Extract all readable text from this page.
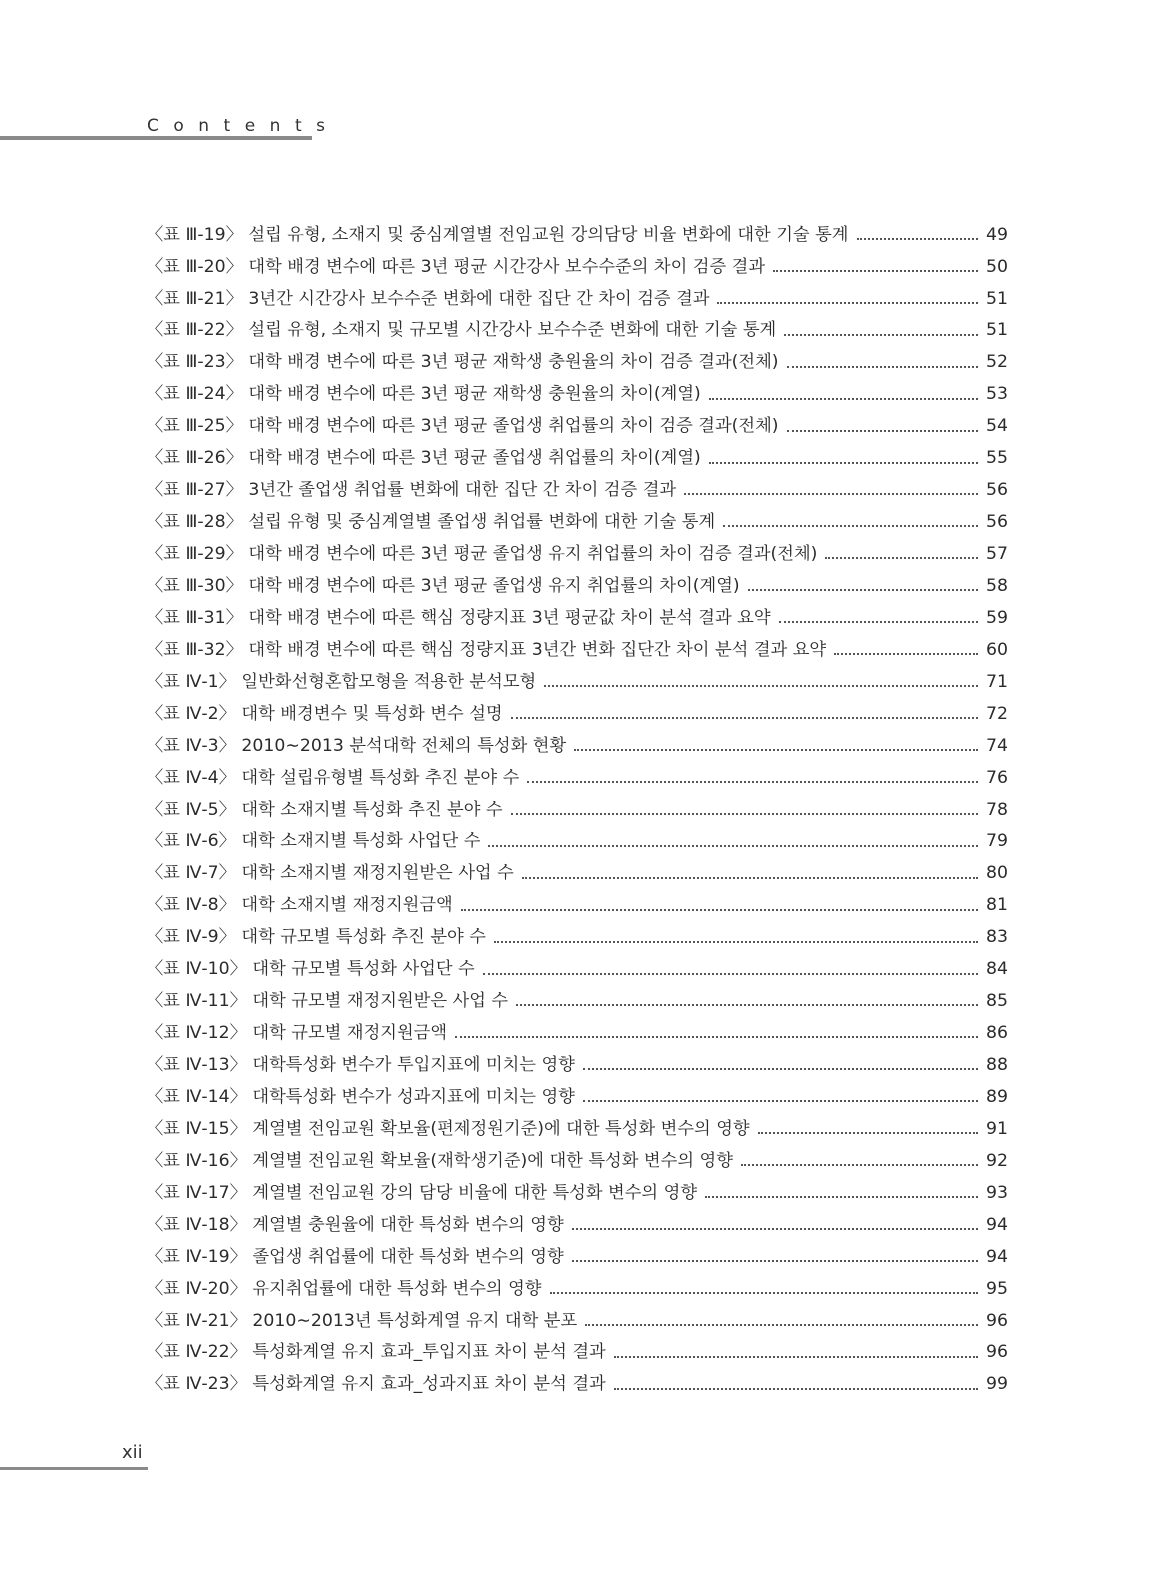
Contents
〈표 Ⅲ-19〉 설립 유형, 소재지 및 중심계열별 전임교원 강의담당 비율 변화에 대한 기술 통계	49
〈표 Ⅲ-20〉 대학 배경 변수에 따른 3년 평균 시간강사 보수수준의 차이 검증 결과	50
〈표 Ⅲ-21〉 3년간 시간강사 보수수준 변화에 대한 집단 간 차이 검증 결과	51
〈표 Ⅲ-22〉 설립 유형, 소재지 및 규모별 시간강사 보수수준 변화에 대한 기술 통계	51
〈표 Ⅲ-23〉 대학 배경 변수에 따른 3년 평균 재학생 충원율의 차이 검증 결과(전체)	52
〈표 Ⅲ-24〉 대학 배경 변수에 따른 3년 평균 재학생 충원율의 차이(계열)	53
〈표 Ⅲ-25〉 대학 배경 변수에 따른 3년 평균 졸업생 취업률의 차이 검증 결과(전체)	54
〈표 Ⅲ-26〉 대학 배경 변수에 따른 3년 평균 졸업생 취업률의 차이(계열)	55
〈표 Ⅲ-27〉 3년간 졸업생 취업률 변화에 대한 집단 간 차이 검증 결과	56
〈표 Ⅲ-28〉 설립 유형 및 중심계열별 졸업생 취업률 변화에 대한 기술 통계	56
〈표 Ⅲ-29〉 대학 배경 변수에 따른 3년 평균 졸업생 유지 취업률의 차이 검증 결과(전체)	57
〈표 Ⅲ-30〉 대학 배경 변수에 따른 3년 평균 졸업생 유지 취업률의 차이(계열)	58
〈표 Ⅲ-31〉 대학 배경 변수에 따른 핵심 정량지표 3년 평균값 차이 분석 결과 요약	59
〈표 Ⅲ-32〉 대학 배경 변수에 따른 핵심 정량지표 3년간 변화 집단간 차이 분석 결과 요약	60
〈표 Ⅳ-1〉 일반화선형혼합모형을 적용한 분석모형	71
〈표 Ⅳ-2〉 대학 배경변수 및 특성화 변수 설명	72
〈표 Ⅳ-3〉 2010∼2013 분석대학 전체의 특성화 현황	74
〈표 Ⅳ-4〉 대학 설립유형별 특성화 추진 분야 수	76
〈표 Ⅳ-5〉 대학 소재지별 특성화 추진 분야 수	78
〈표 Ⅳ-6〉 대학 소재지별 특성화 사업단 수	79
〈표 Ⅳ-7〉 대학 소재지별 재정지원받은 사업 수	80
〈표 Ⅳ-8〉 대학 소재지별 재정지원금액	81
〈표 Ⅳ-9〉 대학 규모별 특성화 추진 분야 수	83
〈표 Ⅳ-10〉 대학 규모별 특성화 사업단 수	84
〈표 Ⅳ-11〉 대학 규모별 재정지원받은 사업 수	85
〈표 Ⅳ-12〉 대학 규모별 재정지원금액	86
〈표 Ⅳ-13〉 대학특성화 변수가 투입지표에 미치는 영향	88
〈표 Ⅳ-14〉 대학특성화 변수가 성과지표에 미치는 영향	89
〈표 Ⅳ-15〉 계열별 전임교원 확보율(편제정원기준)에 대한 특성화 변수의 영향	91
〈표 Ⅳ-16〉 계열별 전임교원 확보율(재학생기준)에 대한 특성화 변수의 영향	92
〈표 Ⅳ-17〉 계열별 전임교원 강의 담당 비율에 대한 특성화 변수의 영향	93
〈표 Ⅳ-18〉 계열별 충원율에 대한 특성화 변수의 영향	94
〈표 Ⅳ-19〉 졸업생 취업률에 대한 특성화 변수의 영향	94
〈표 Ⅳ-20〉 유지취업률에 대한 특성화 변수의 영향	95
〈표 Ⅳ-21〉 2010∼2013년 특성화계열 유지 대학 분포	96
〈표 Ⅳ-22〉 특성화계열 유지 효과_투입지표 차이 분석 결과	96
〈표 Ⅳ-23〉 특성화계열 유지 효과_성과지표 차이 분석 결과	99
xii
